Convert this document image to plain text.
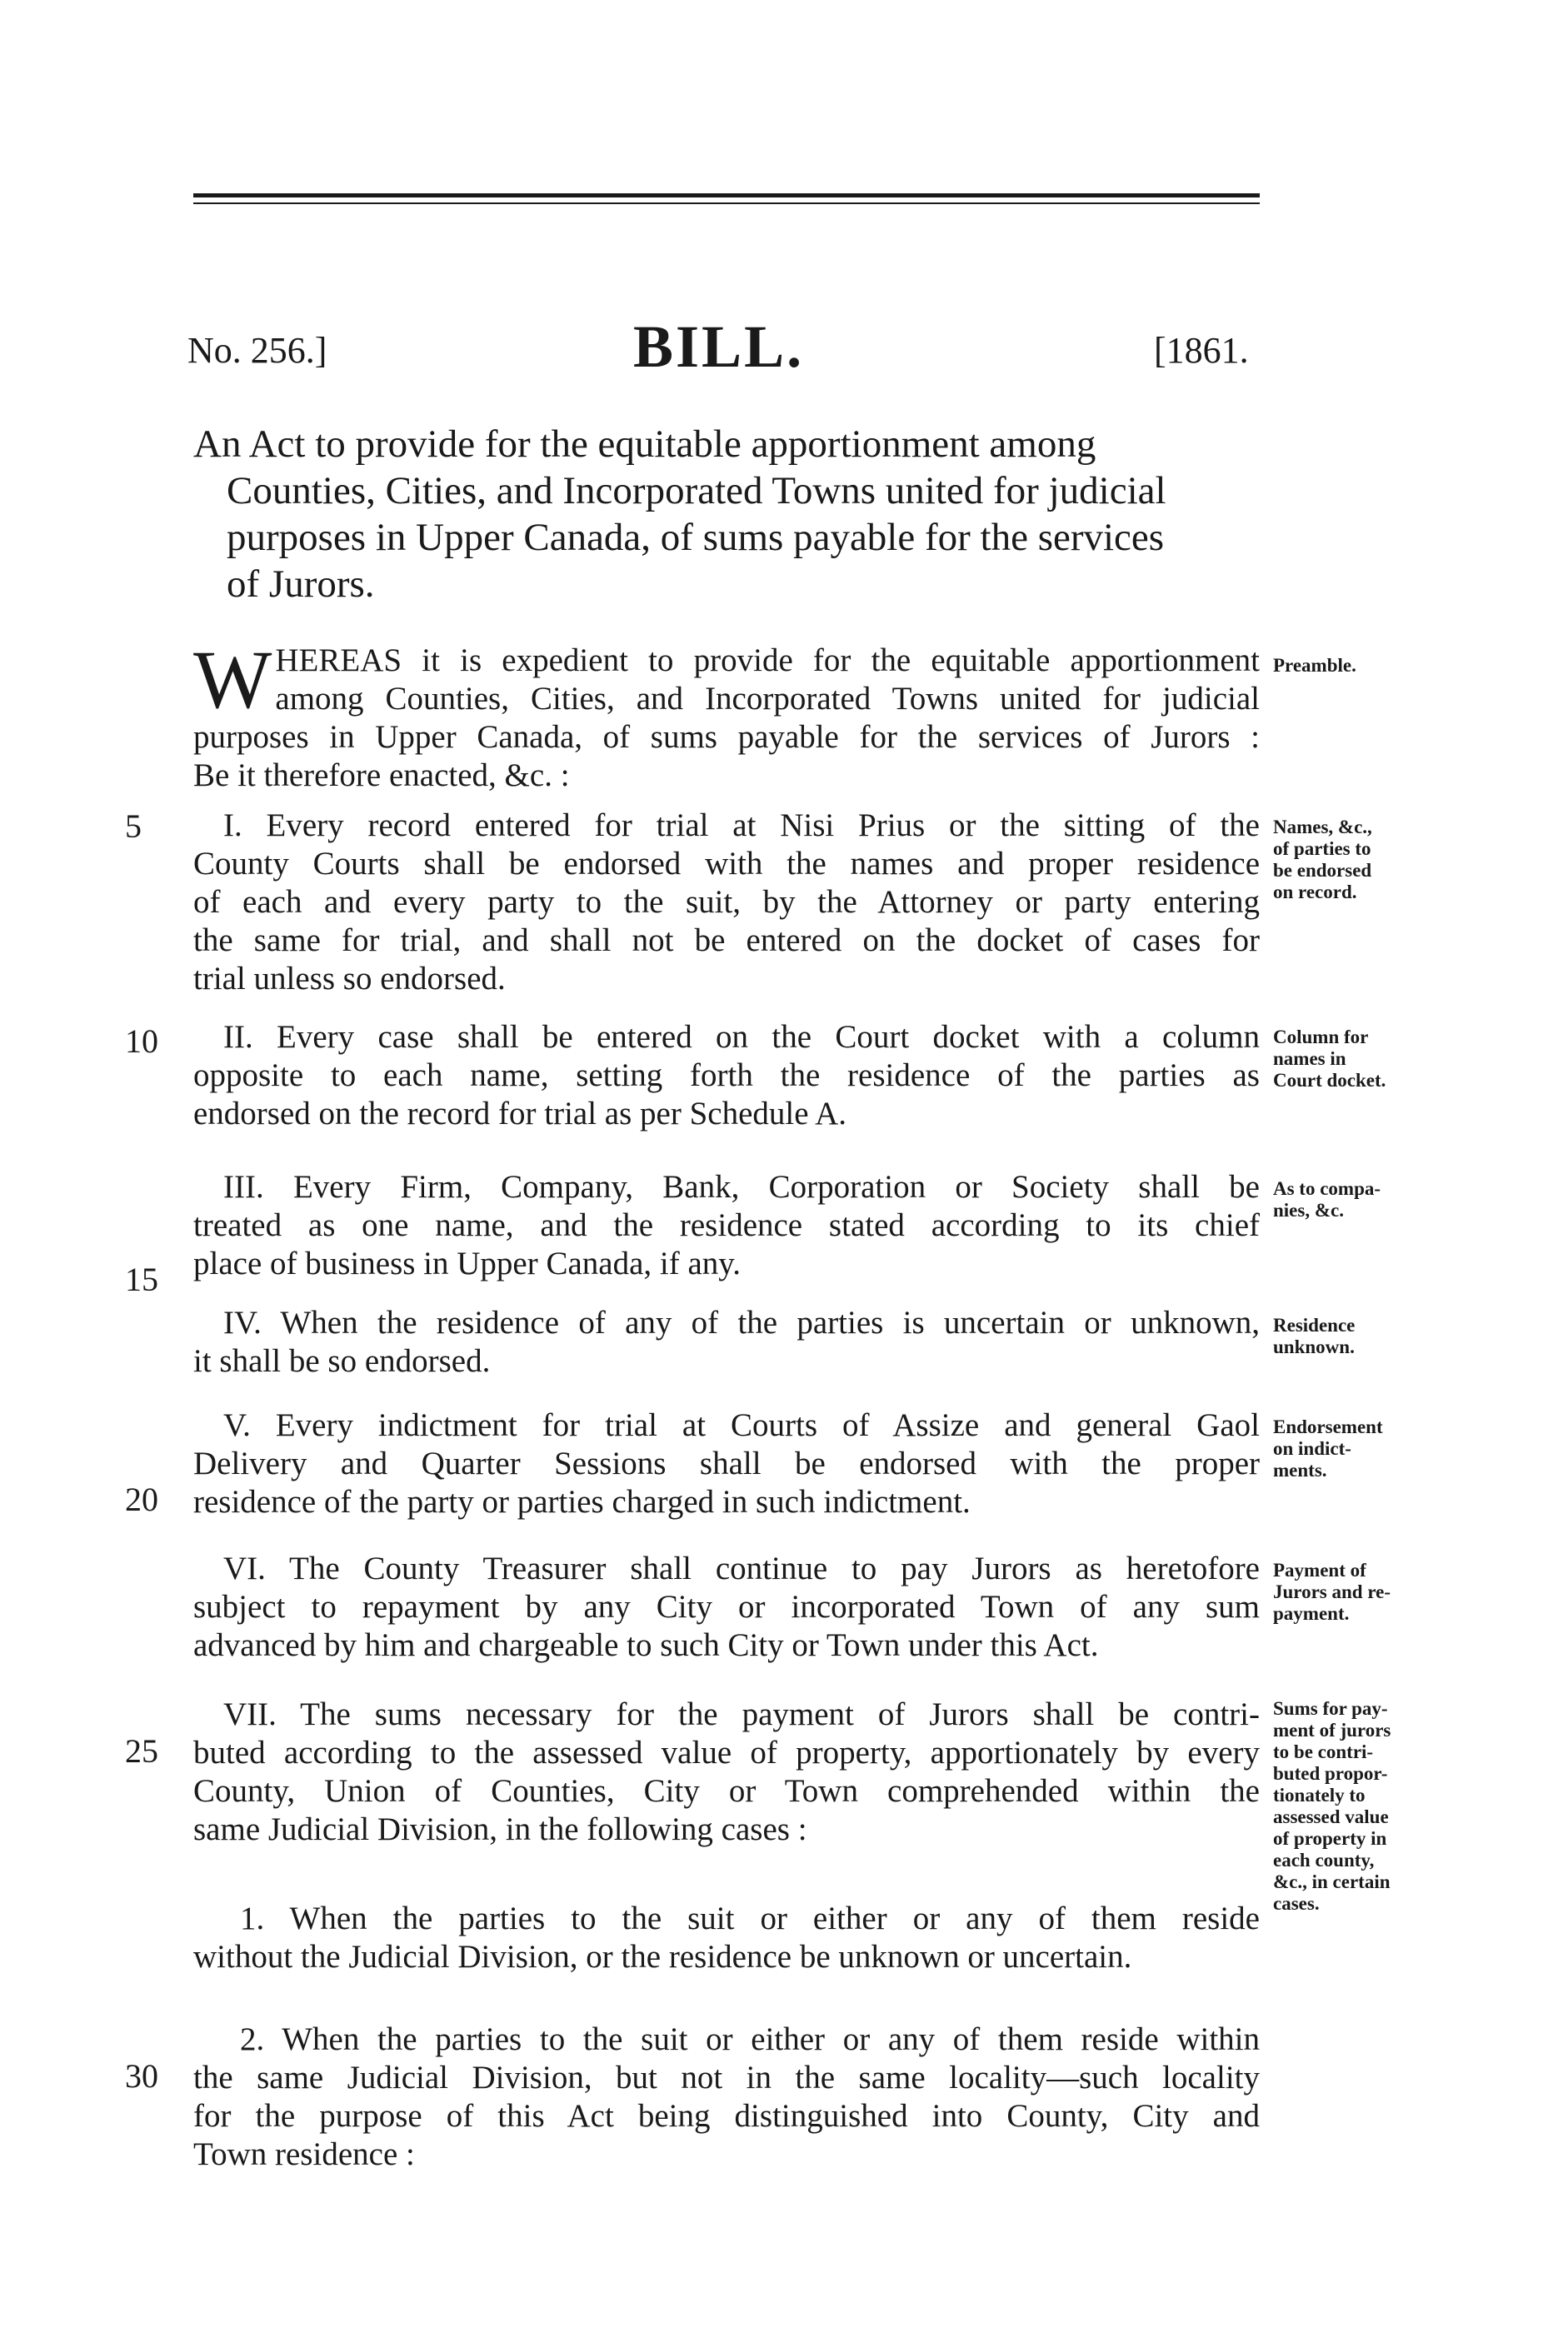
No. 256.]	BILL.	[1861.

An Act to provide for the equitable apportionment among
Counties, Cities, and Incorporated Towns united for judicial
purposes in Upper Canada, of sums payable for the services
of Jurors.
W HEREAS it is expedient to provide for the equitable apportionment
among Counties, Cities, and Incorporated Towns united for judicial
purposes in Upper Canada, of sums payable for the services of Jurors :
Be it therefore enacted, &c. :
Preamble.
I. Every record entered for trial at Nisi Prius or the sitting of the
County Courts shall be endorsed with the names and proper residence
of each and every party to the suit, by the Attorney or party entering
the same for trial, and shall not be entered on the docket of cases for
trial unless so endorsed.
Names, &c.,
of parties to
be endorsed
on record.
II. Every case shall be entered on the Court docket with a column
opposite to each name, setting forth the residence of the parties as
endorsed on the record for trial as per Schedule A.
Column for
names in
Court docket.
III. Every Firm, Company, Bank, Corporation or Society shall be
treated as one name, and the residence stated according to its chief
place of business in Upper Canada, if any.
As to compa-
nies, &c.
IV. When the residence of any of the parties is uncertain or unknown,
it shall be so endorsed.
Residence
unknown.
V. Every indictment for trial at Courts of Assize and general Gaol
Delivery and Quarter Sessions shall be endorsed with the proper
residence of the party or parties charged in such indictment.
Endorsement
on indict-
ments.
VI. The County Treasurer shall continue to pay Jurors as heretofore
subject to repayment by any City or incorporated Town of any sum
advanced by him and chargeable to such City or Town under this Act.
Payment of
Jurors and re-
payment.
VII. The sums necessary for the payment of Jurors shall be contri-
buted according to the assessed value of property, apportionately by every
County, Union of Counties, City or Town comprehended within the
same Judicial Division, in the following cases :
Sums for pay-
ment of jurors
to be contri-
buted propor-
tionately to
assessed value
of property in
each county,
&c., in certain
cases.
1. When the parties to the suit or either or any of them reside
without the Judicial Division, or the residence be unknown or uncertain.
2. When the parties to the suit or either or any of them reside within
the same Judicial Division, but not in the same locality—such locality
for the purpose of this Act being distinguished into County, City and
Town residence :
5
10
15
20
25
30
